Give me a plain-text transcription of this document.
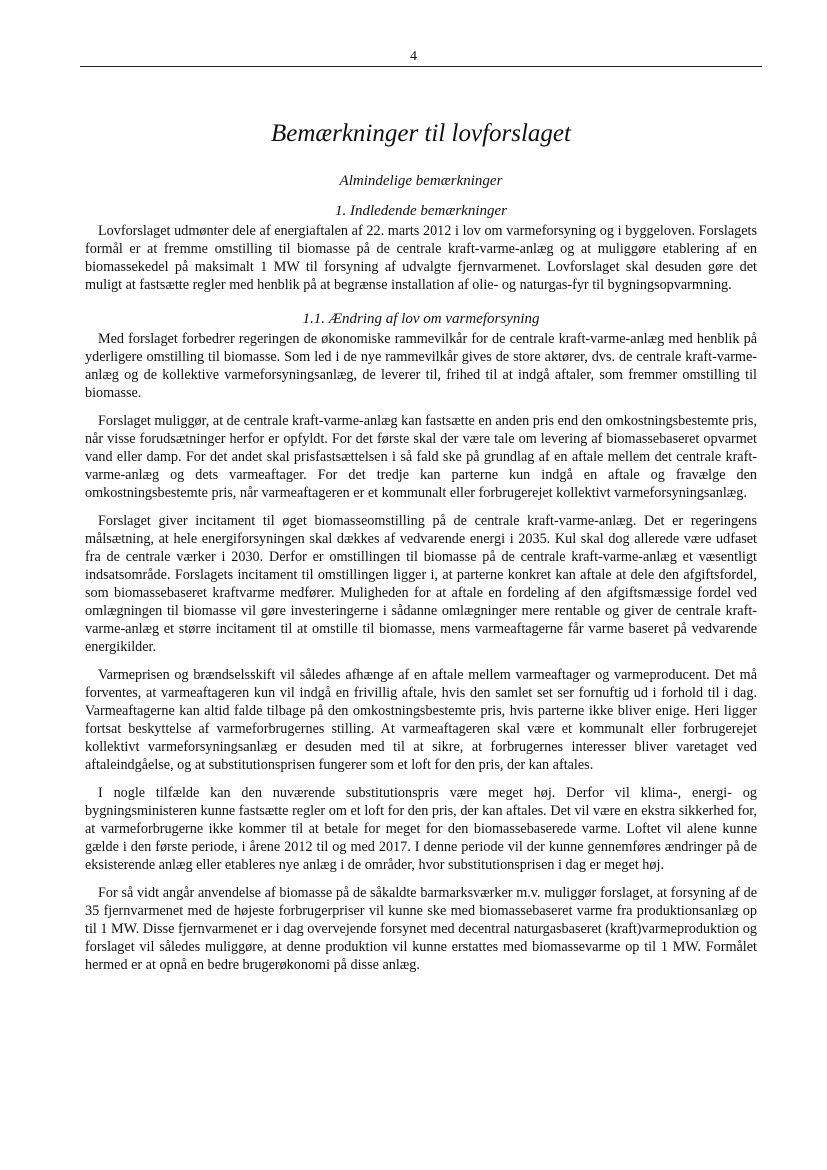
4
Bemærkninger til lovforslaget
Almindelige bemærkninger
1. Indledende bemærkninger

Lovforslaget udmønter dele af energiaftalen af 22. marts 2012 i lov om varmeforsyning og i byggeloven. Forslagets formål er at fremme omstilling til biomasse på de centrale kraft-varme-anlæg og at muliggøre etablering af en biomassekedel på maksimalt 1 MW til forsyning af udvalgte fjernvarmenet. Lovforslaget skal desuden gøre det muligt at fastsætte regler med henblik på at begrænse installation af olie- og naturgas-fyr til bygningsopvarmning.

1.1. Ændring af lov om varmeforsyning

Med forslaget forbedrer regeringen de økonomiske rammevilkår for de centrale kraft-varme-anlæg med henblik på yderligere omstilling til biomasse. Som led i de nye rammevilkår gives de store aktører, dvs. de centrale kraft-varme-anlæg og de kollektive varmeforsyningsanlæg, de leverer til, frihed til at indgå aftaler, som fremmer omstilling til biomasse.

Forslaget muliggør, at de centrale kraft-varme-anlæg kan fastsætte en anden pris end den omkostningsbestemte pris, når visse forudsætninger herfor er opfyldt. For det første skal der være tale om levering af biomassebaseret opvarmet vand eller damp. For det andet skal prisfastsættelsen i så fald ske på grundlag af en aftale mellem det centrale kraft-varme-anlæg og dets varmeaftager. For det tredje kan parterne kun indgå en aftale og fravælge den omkostningsbestemte pris, når varmeaftageren er et kommunalt eller forbrugerejet kollektivt varmeforsyningsanlæg.

Forslaget giver incitament til øget biomasseomstilling på de centrale kraft-varme-anlæg. Det er regeringens målsætning, at hele energiforsyningen skal dækkes af vedvarende energi i 2035. Kul skal dog allerede være udfaset fra de centrale værker i 2030. Derfor er omstillingen til biomasse på de centrale kraft-varme-anlæg et væsentligt indsatsområde. Forslagets incitament til omstillingen ligger i, at parterne konkret kan aftale at dele den afgiftsfordel, som biomassebaseret kraftvarme medfører. Muligheden for at aftale en fordeling af den afgiftsmæssige fordel ved omlægningen til biomasse vil gøre investeringerne i sådanne omlægninger mere rentable og giver de centrale kraft-varme-anlæg et større incitament til at omstille til biomasse, mens varmeaftagerne får varme baseret på vedvarende energikilder.

Varmeprisen og brændselsskift vil således afhænge af en aftale mellem varmeaftager og varmeproducent. Det må forventes, at varmeaftageren kun vil indgå en frivillig aftale, hvis den samlet set ser fornuftig ud i forhold til i dag. Varmeaftagerne kan altid falde tilbage på den omkostningsbestemte pris, hvis parterne ikke bliver enige. Heri ligger fortsat beskyttelse af varmeforbrugernes stilling. At varmeaftageren skal være et kommunalt eller forbrugerejet kollektivt varmeforsyningsanlæg er desuden med til at sikre, at forbrugernes interesser bliver varetaget ved aftaleindgåelse, og at substitutionsprisen fungerer som et loft for den pris, der kan aftales.

I nogle tilfælde kan den nuværende substitutionspris være meget høj. Derfor vil klima-, energi- og bygningsministeren kunne fastsætte regler om et loft for den pris, der kan aftales. Det vil være en ekstra sikkerhed for, at varmeforbrugerne ikke kommer til at betale for meget for den biomassebaserede varme. Loftet vil alene kunne gælde i den første periode, i årene 2012 til og med 2017. I denne periode vil der kunne gennemføres ændringer på de eksisterende anlæg eller etableres nye anlæg i de områder, hvor substitutionsprisen i dag er meget høj.

For så vidt angår anvendelse af biomasse på de såkaldte barmarksværker m.v. muliggør forslaget, at forsyning af de 35 fjernvarmenet med de højeste forbrugerpriser vil kunne ske med biomassebaseret varme fra produktionsanlæg op til 1 MW. Disse fjernvarmenet er i dag overvejende forsynet med decentral naturgasbaseret (kraft)varmeproduktion og forslaget vil således muliggøre, at denne produktion vil kunne erstattes med biomassevarme op til 1 MW. Formålet hermed er at opnå en bedre brugerøkonomi på disse anlæg.
